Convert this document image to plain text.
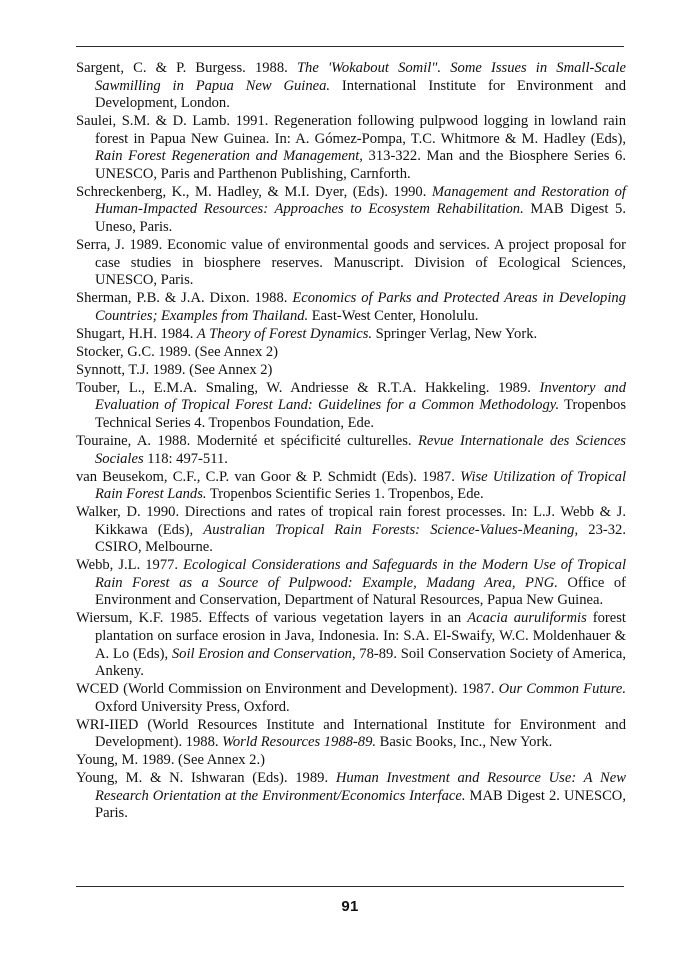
Sargent, C. & P. Burgess. 1988. The 'Wokabout Somil". Some Issues in Small-Scale Sawmilling in Papua New Guinea. International Institute for Environment and Development, London.

Saulei, S.M. & D. Lamb. 1991. Regeneration following pulpwood logging in lowland rain forest in Papua New Guinea. In: A. Gómez-Pompa, T.C. Whitmore & M. Hadley (Eds), Rain Forest Regeneration and Management, 313-322. Man and the Biosphere Series 6. UNESCO, Paris and Parthenon Publishing, Carnforth.

Schreckenberg, K., M. Hadley, & M.I. Dyer, (Eds). 1990. Management and Restoration of Human-Impacted Resources: Approaches to Ecosystem Rehabilitation. MAB Digest 5. Uneso, Paris.

Serra, J. 1989. Economic value of environmental goods and services. A project proposal for case studies in biosphere reserves. Manuscript. Division of Ecological Sciences, UNESCO, Paris.

Sherman, P.B. & J.A. Dixon. 1988. Economics of Parks and Protected Areas in Developing Countries; Examples from Thailand. East-West Center, Honolulu.

Shugart, H.H. 1984. A Theory of Forest Dynamics. Springer Verlag, New York.

Stocker, G.C. 1989. (See Annex 2)

Synnott, T.J. 1989. (See Annex 2)

Touber, L., E.M.A. Smaling, W. Andriesse & R.T.A. Hakkeling. 1989. Inventory and Evaluation of Tropical Forest Land: Guidelines for a Common Methodology. Tropenbos Technical Series 4. Tropenbos Foundation, Ede.

Touraine, A. 1988. Modernité et spécificité culturelles. Revue Internationale des Sciences Sociales 118: 497-511.

van Beusekom, C.F., C.P. van Goor & P. Schmidt (Eds). 1987. Wise Utilization of Tropical Rain Forest Lands. Tropenbos Scientific Series 1. Tropenbos, Ede.

Walker, D. 1990. Directions and rates of tropical rain forest processes. In: L.J. Webb & J. Kikkawa (Eds), Australian Tropical Rain Forests: Science-Values-Meaning, 23-32. CSIRO, Melbourne.

Webb, J.L. 1977. Ecological Considerations and Safeguards in the Modern Use of Tropical Rain Forest as a Source of Pulpwood: Example, Madang Area, PNG. Office of Environment and Conservation, Department of Natural Resources, Papua New Guinea.

Wiersum, K.F. 1985. Effects of various vegetation layers in an Acacia auruliformis forest plantation on surface erosion in Java, Indonesia. In: S.A. El-Swaify, W.C. Moldenhauer & A. Lo (Eds), Soil Erosion and Conservation, 78-89. Soil Conservation Society of America, Ankeny.

WCED (World Commission on Environment and Development). 1987. Our Common Future. Oxford University Press, Oxford.

WRI-IIED (World Resources Institute and International Institute for Environment and Development). 1988. World Resources 1988-89. Basic Books, Inc., New York.

Young, M. 1989. (See Annex 2.)

Young, M. & N. Ishwaran (Eds). 1989. Human Investment and Resource Use: A New Research Orientation at the Environment/Economics Interface. MAB Digest 2. UNESCO, Paris.

91
